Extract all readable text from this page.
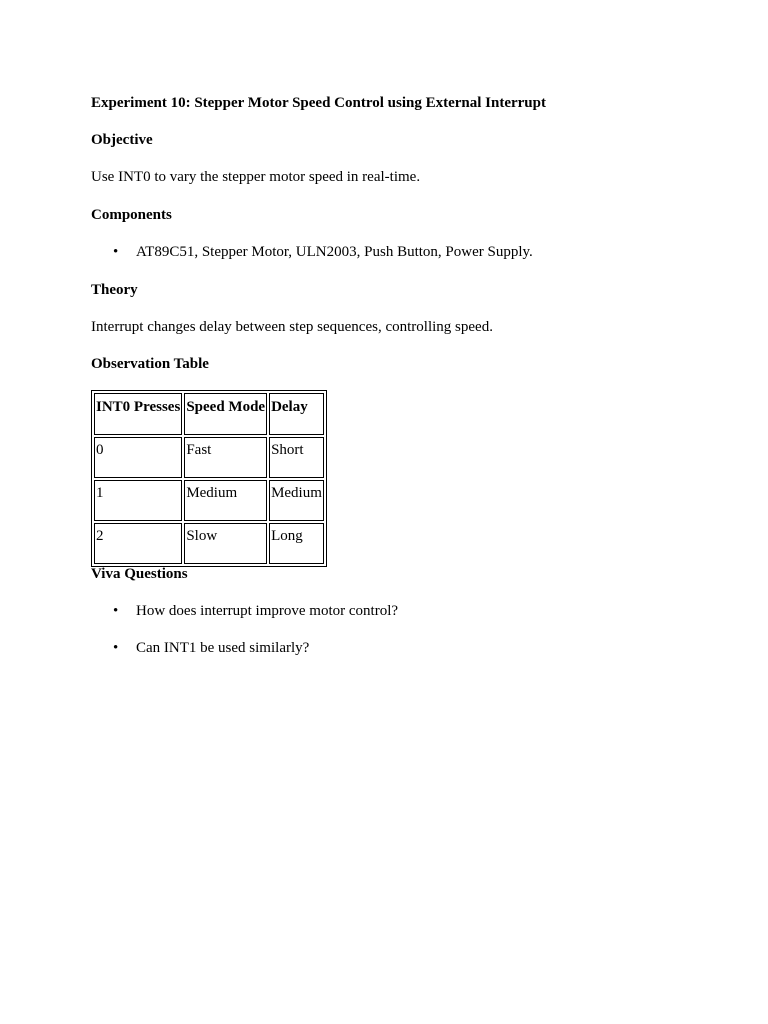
Experiment 10: Stepper Motor Speed Control using External Interrupt
Objective
Use INT0 to vary the stepper motor speed in real-time.
Components
• AT89C51, Stepper Motor, ULN2003, Push Button, Power Supply.
Theory
Interrupt changes delay between step sequences, controlling speed.
Observation Table
INT0 Presses	Speed Mode	Delay
0	Fast	Short
1	Medium	Medium
2	Slow	Long
Viva Questions
• How does interrupt improve motor control?
• Can INT1 be used similarly?
